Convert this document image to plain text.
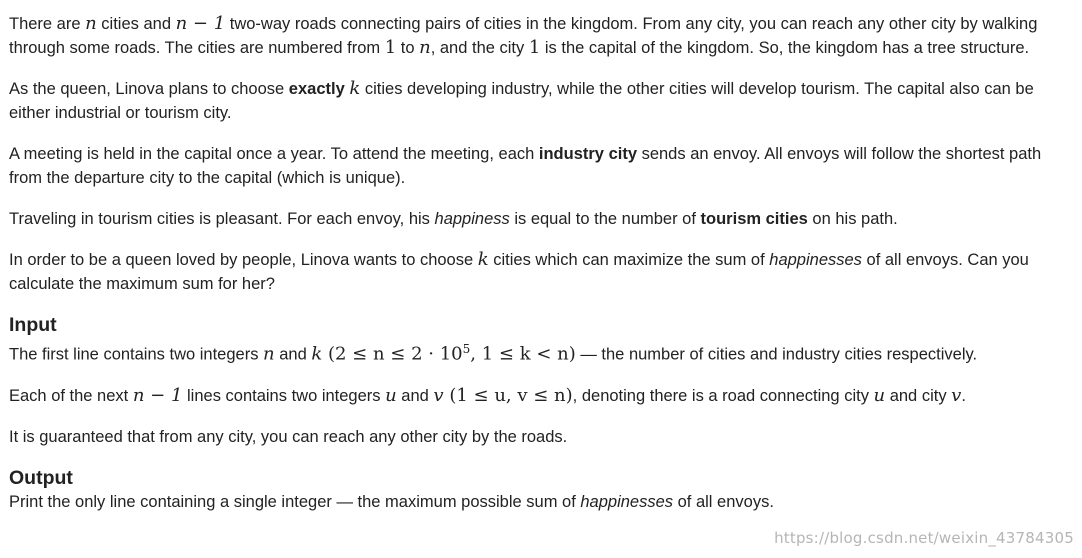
There are n cities and n − 1 two-way roads connecting pairs of cities in the kingdom. From any city, you can reach any other city by walking through some roads. The cities are numbered from 1 to n, and the city 1 is the capital of the kingdom. So, the kingdom has a tree structure.

As the queen, Linova plans to choose exactly k cities developing industry, while the other cities will develop tourism. The capital also can be either industrial or tourism city.

A meeting is held in the capital once a year. To attend the meeting, each industry city sends an envoy. All envoys will follow the shortest path from the departure city to the capital (which is unique).

Traveling in tourism cities is pleasant. For each envoy, his happiness is equal to the number of tourism cities on his path.

In order to be a queen loved by people, Linova wants to choose k cities which can maximize the sum of happinesses of all envoys. Can you calculate the maximum sum for her?

Input

The first line contains two integers n and k ($2 \le n \le 2 \cdot 10^5$, 1 ≤ k < n) — the number of cities and industry cities respectively.

Each of the next n − 1 lines contains two integers u and v (1 ≤ u, v ≤ n), denoting there is a road connecting city u and city v.

It is guaranteed that from any city, you can reach any other city by the roads.

Output

Print the only line containing a single integer — the maximum possible sum of happinesses of all envoys.

https://blog.csdn.net/weixin_43784305
